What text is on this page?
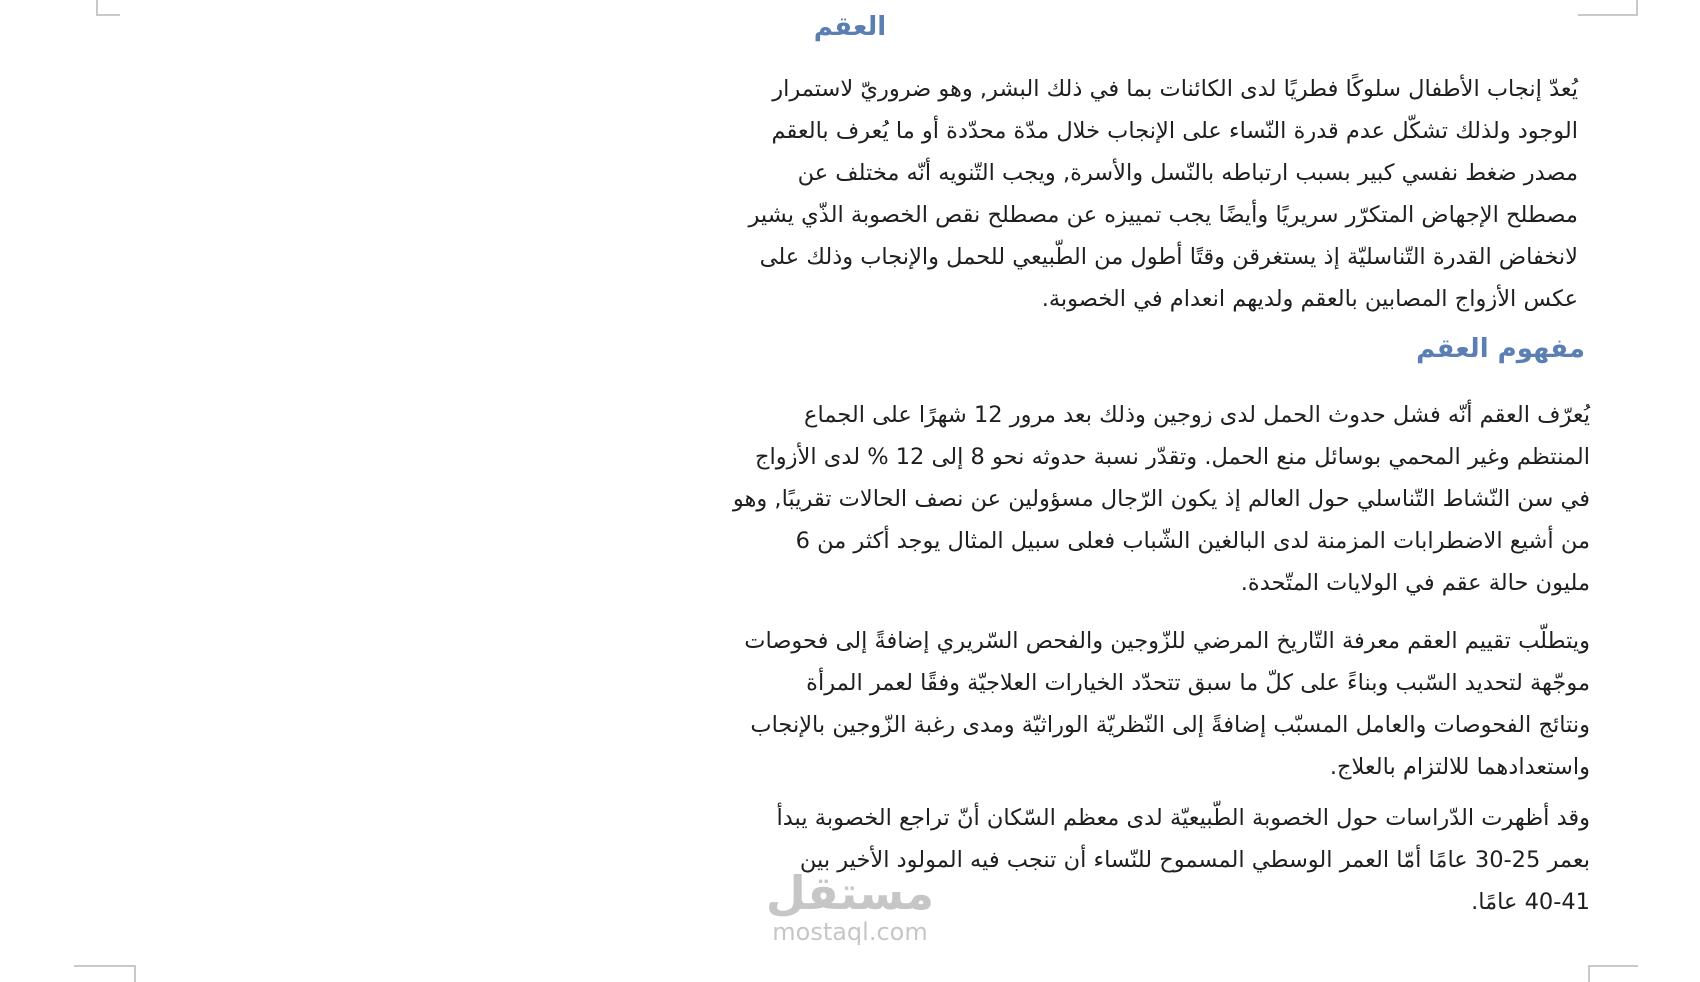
العقم
يُعدّ إنجاب الأطفال سلوكًا فطريًا لدى الكائنات بما في ذلك البشر, وهو ضروريّ لاستمرار
الوجود ولذلك تشكّل عدم قدرة النّساء على الإنجاب خلال مدّة محدّدة أو ما يُعرف بالعقم
مصدر ضغط نفسي كبير بسبب ارتباطه بالنّسل والأسرة, ويجب التّنويه أنّه مختلف عن
مصطلح الإجهاض المتكرّر سريريًا وأيضًا يجب تمييزه عن مصطلح نقص الخصوبة الذّي يشير
لانخفاض القدرة التّناسليّة إذ يستغرقن وقتًا أطول من الطّبيعي للحمل والإنجاب وذلك على
عكس الأزواج المصابين بالعقم ولديهم انعدام في الخصوبة.
مفهوم العقم
يُعرّف العقم أنّه فشل حدوث الحمل لدى زوجين وذلك بعد مرور 12 شهرًا على الجماع
المنتظم وغير المحمي بوسائل منع الحمل. وتقدّر نسبة حدوثه نحو 8 إلى 12 % لدى الأزواج
في سن النّشاط التّناسلي حول العالم إذ يكون الرّجال مسؤولين عن نصف الحالات تقريبًا, وهو
من أشيع الاضطرابات المزمنة لدى البالغين الشّباب فعلى سبيل المثال يوجد أكثر من 6
مليون حالة عقم في الولايات المتّحدة.
ويتطلّب تقييم العقم معرفة التّاريخ المرضي للزّوجين والفحص السّريري إضافةً إلى فحوصات
موجّهة لتحديد السّبب وبناءً على كلّ ما سبق تتحدّد الخيارات العلاجيّة وفقًا لعمر المرأة
ونتائج الفحوصات والعامل المسبّب إضافةً إلى النّظريّة الوراثيّة ومدى رغبة الزّوجين بالإنجاب
واستعدادهما للالتزام بالعلاج.
وقد أظهرت الدّراسات حول الخصوبة الطّبيعيّة لدى معظم السّكان أنّ تراجع الخصوبة يبدأ
بعمر 25-30 عامًا أمّا العمر الوسطي المسموح للنّساء أن تنجب فيه المولود الأخير بين
40-41 عامًا.
مستقل
mostaql.com
